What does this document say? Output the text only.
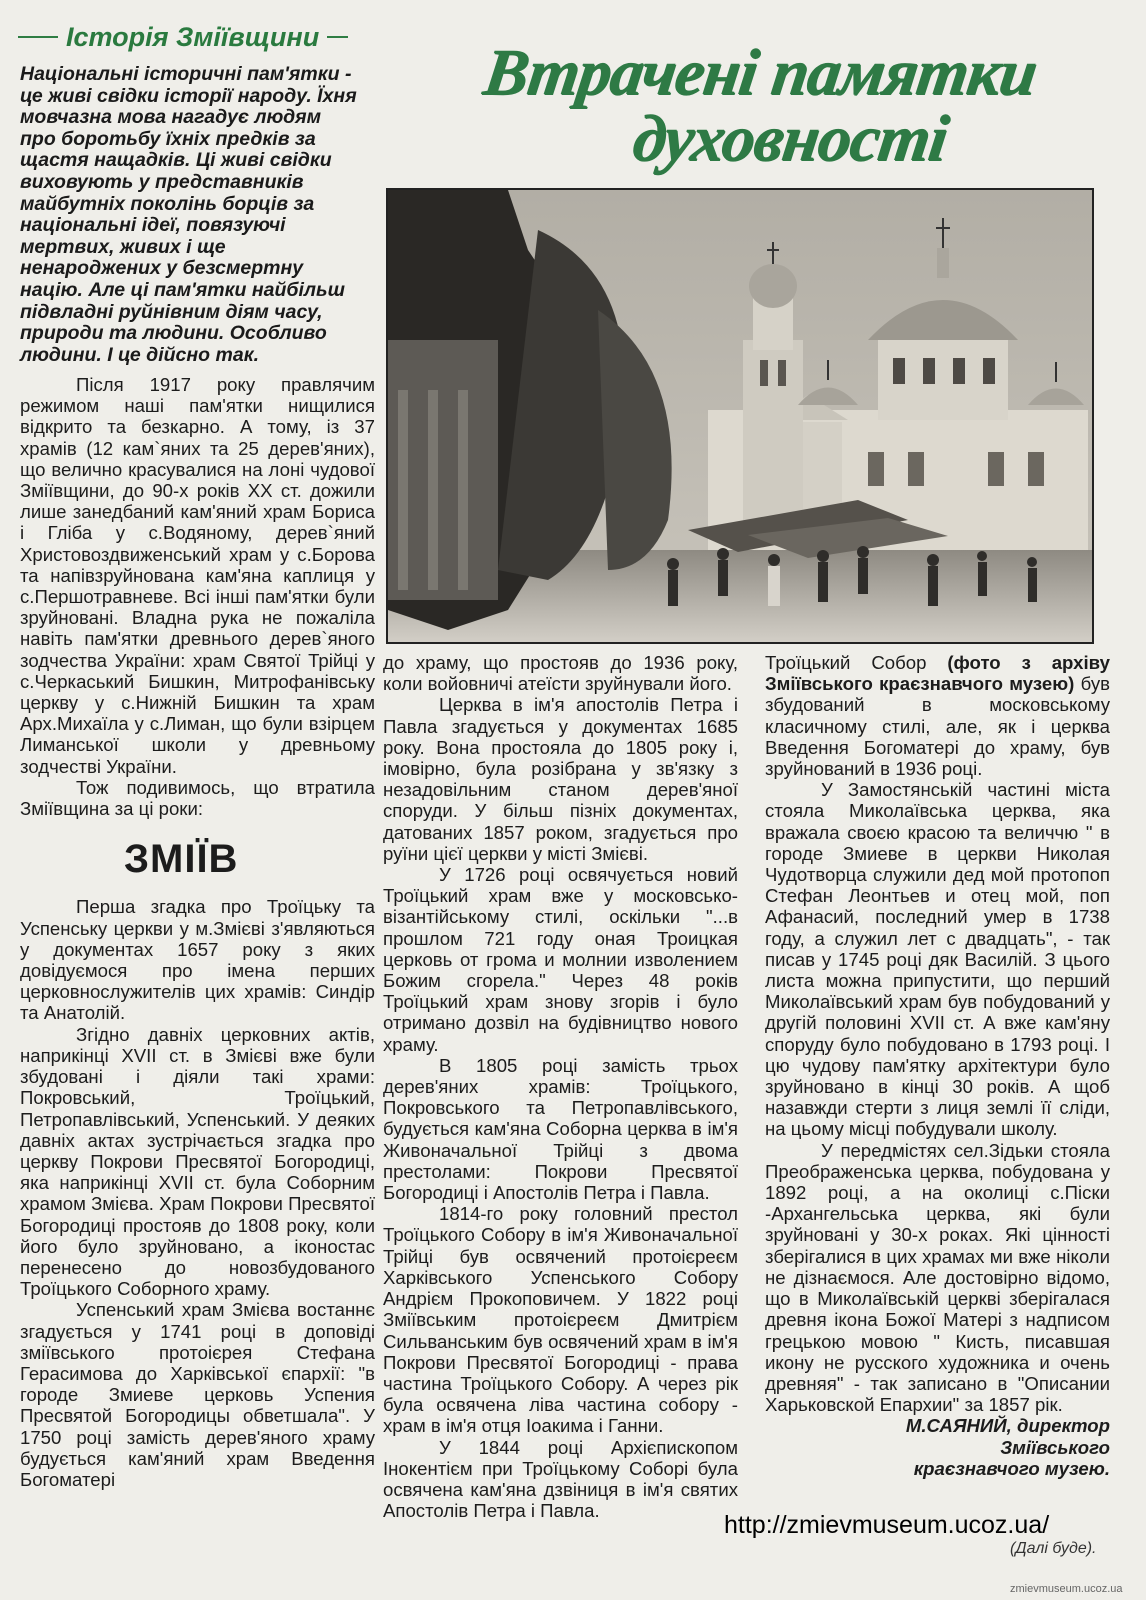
Історія Зміївщини	Втрачені памятки
духовності
Національні історичні пам'ятки - це живі свідки історії народу. Їхня мовчазна мова нагадує людям про боротьбу їхніх предків за щастя нащадків. Ці живі свідки виховують у представників майбутніх поколінь борців за національні ідеї, повязуючі мертвих, живих і ще ненароджених у безсмертну націю. Але ці пам'ятки найбільш підвладні руйнівним діям часу, природи та людини. Особливо людини. І це дійсно так.

Після 1917 року правлячим режимом наші пам'ятки нищилися відкрито та безкарно. А тому, із 37 храмів (12 кам`яних та 25 дерев'яних), що велично красувалися на лоні чудової Зміївщини, до 90-х років ХХ ст. дожили лише занедбаний кам'яний храм Бориса і Гліба у с.Водяному, дерев`яний Христовоздвиженський храм у с.Борова та напівзруйнована кам'яна каплиця у с.Першотравневе. Всі інші пам'ятки були зруйновані. Владна рука не пожаліла навіть пам'ятки древнього дерев`яного зодчества України: храм Святої Трійці у с.Черкаський Бишкин, Митрофанівську церкву у с.Нижній Бишкин та храм Арх.Михаїла у с.Лиман, що були взірцем Лиманської школи у древньому зодчестві України.

Тож подивимось, що втратила Зміївщина за ці роки:

ЗМІЇВ

Перша згадка про Троїцьку та Успенську церкви у м.Змієві з'являються у документах 1657 року з яких довідуємося про імена перших церковнослужителів цих храмів: Синдір та Анатолій.

Згідно давніх церковних актів, наприкінці XVII ст. в Змієві вже були збудовані і діяли такі храми: Покровський, Троїцький, Петропавлівський, Успенський. У деяких давніх актах зустрічається згадка про церкву Покрови Пресвятої Богородиці, яка наприкінці XVII ст. була Соборним храмом Змієва. Храм Покрови Пресвятої Богородиці простояв до 1808 року, коли його було зруйновано, а іконостас перенесено до новозбудованого Троїцького Соборного храму.

Успенський храм Змієва востаннє згадується у 1741 році в доповіді зміївського протоієрея Стефана Герасимова до Харківської єпархії: "в городе Змиеве церковь Успения Пресвятой Богородицы обветшала". У 1750 році замість дерев'яного храму будується кам'яний храм Введення Богоматері

до храму, що простояв до 1936 року, коли войовничі атеїсти зруйнували його.

Церква в ім'я апостолів Петра і Павла згадується у документах 1685 року. Вона простояла до 1805 року і, імовірно, була розібрана у зв'язку з незадовільним станом дерев'яної споруди. У більш пізніх документах, датованих 1857 роком, згадується про руїни цієї церкви у місті Змієві.

У 1726 році освячується новий Троїцький храм вже у московсько-візантійському стилі, оскільки "...в прошлом 721 году оная Троицкая церковь от грома и молнии изволением Божим сгорела." Через 48 років Троїцький храм знову згорів і було отримано дозвіл на будівництво нового храму.

В 1805 році замість трьох дерев'яних храмів: Троїцького, Покровського та Петропавлівського, будується кам'яна Соборна церква в ім'я Живоначальної Трійці з двома престолами: Покрови Пресвятої Богородиці і Апостолів Петра і Павла.

1814-го року головний престол Троїцького Собору в ім'я Живоначальної Трійці був освячений протоієреєм Харківського Успенського Собору Андрієм Прокоповичем. У 1822 році Зміївським протоієреєм Дмитрієм Сильванським був освячений храм в ім'я Покрови Пресвятої Богородиці - права частина Троїцького Собору. А через рік була освячена ліва частина собору - храм в ім'я отця Іоакима і Ганни.

У 1844 році Архієпископом Інокентієм при Троїцькому Соборі була освячена кам'яна дзвіниця в ім'я святих Апостолів Петра і Павла.

Троїцький Собор (фото з архіву Зміївського краєзнавчого музею) був збудований в московському класичному стилі, але, як і церква Введення Богоматері до храму, був зруйнований в 1936 році.

У Замостянській частині міста стояла Миколаївська церква, яка вражала своєю красою та величчю " в городе Змиеве в церкви Николая Чудотворца служили дед мой протопоп Стефан Леонтьев и отец мой, поп Афанасий, последний умер в 1738 году, а служил лет с двадцать", - так писав у 1745 році дяк Василій. З цього листа можна припустити, що перший Миколаївський храм був побудований у другій половині XVII ст. А вже кам'яну споруду було побудовано в 1793 році. І цю чудову пам'ятку архітектури було зруйновано в кінці 30 років. А щоб назавжди стерти з лиця землі її сліди, на цьому місці побудували школу.

У передмістях сел.Зідьки стояла Преображенська церква, побудована у 1892 році, а на околиці с.Піски -Архангельська церква, які були зруйновані у 30-х роках. Які цінності зберігалися в цих храмах ми вже ніколи не дізнаємося. Але достовірно відомо, що в Миколаївській церкві зберігалася древня ікона Божої Матері з надписом грецькою мовою " Кисть, писавшая икону не русского художника и очень древняя" - так записано в "Описании Харьковской Епархии" за 1857 рік.

М.САЯНИЙ, директор

Зміївського

краєзнавчого музею.

http://zmievmuseum.ucoz.ua/
(Далі буде).
zmievmuseum.ucoz.ua
